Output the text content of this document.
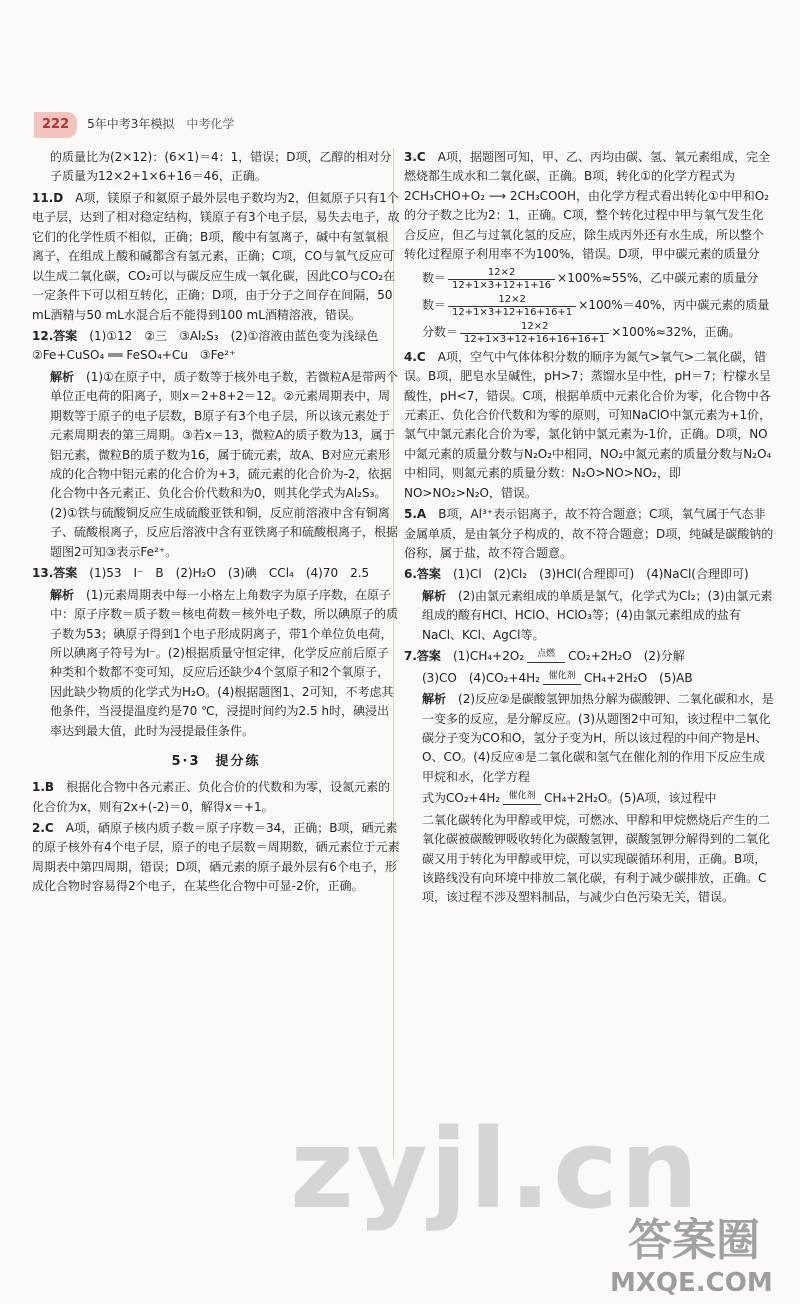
222	5年中考3年模拟 中考化学

的质量比为(2×12)：(6×1)＝4：1，错误；D项，乙醇的相对分子质量为12×2+1×6+16＝46，正确。

11.D　 A项，镁原子和氦原子最外层电子数均为2，但氦原子只有1个电子层，达到了相对稳定结构，镁原子有3个电子层，易失去电子，故它们的化学性质不相似，正确；B项，酸中有氢离子，碱中有氢氧根离子，在组成上酸和碱都含有氢元素，正确；C项，CO与氧气反应可以生成二氧化碳，CO₂可以与碳反应生成一氧化碳，因此CO与CO₂在一定条件下可以相互转化，正确；D项，由于分子之间存在间隔，50 mL酒精与50 mL水混合后不能得到100 mL酒精溶液，错误。

12.答案　 (1)①12　②三　③Al₂S₃　(2)①溶液由蓝色变为浅绿色　②Fe+CuSO₄ ══ FeSO₄+Cu　③Fe²⁺

解析　 (1)①在原子中，质子数等于核外电子数，若微粒A是带两个单位正电荷的阳离子，则x＝2+8+2＝12。②元素周期表中，周期数等于原子的电子层数，B原子有3个电子层，所以该元素处于元素周期表的第三周期。③若x＝13，微粒A的质子数为13，属于铝元素，微粒B的质子数为16，属于硫元素，故A、B对应元素形成的化合物中铝元素的化合价为+3，硫元素的化合价为-2，依据化合物中各元素正、负化合价代数和为0，则其化学式为Al₂S₃。(2)①铁与硫酸铜反应生成硫酸亚铁和铜，反应前溶液中含有铜离子、硫酸根离子，反应后溶液中含有亚铁离子和硫酸根离子，根据题图2可知③表示Fe²⁺。

13.答案　 (1)53　I⁻　B　(2)H₂O　(3)碘　CCl₄　(4)70　2.5

解析　 (1)元素周期表中每一小格左上角数字为原子序数，在原子中：原子序数＝质子数＝核电荷数＝核外电子数，所以碘原子的质子数为53；碘原子得到1个电子形成阴离子，带1个单位负电荷，所以碘离子符号为I⁻。(2)根据质量守恒定律，化学反应前后原子种类和个数都不变可知，反应后还缺少4个氢原子和2个氧原子，因此缺少物质的化学式为H₂O。(4)根据题图1、2可知，不考虑其他条件，当浸提温度约是70 ℃，浸提时间约为2.5 h时，碘浸出率达到最大值，此时为浸提最佳条件。

5·3　提分练

1.B　 根据化合物中各元素正、负化合价的代数和为零，设氮元素的化合价为x，则有2x+(-2)＝0，解得x＝+1。

2.C　 A项，硒原子核内质子数＝原子序数＝34，正确；B项，硒元素的原子核外有4个电子层，原子的电子层数＝周期数，硒元素位于元素周期表中第四周期，错误；D项，硒元素的原子最外层有6个电子，形成化合物时容易得2个电子，在某些化合物中可显-2价，正确。

3.C　 A项，据题图可知，甲、乙、丙均由碳、氢、氧元素组成，完全燃烧都生成水和二氧化碳，正确。B项，转化①的化学方程式为2CH₃CHO+O₂ ⟶ 2CH₃COOH，由化学方程式看出转化①中甲和O₂的分子数之比为2：1，正确。C项，整个转化过程中甲与氧气发生化合反应，但乙与过氧化氢的反应，除生成丙外还有水生成，所以整个转化过程原子利用率不为100%，错误。D项，甲中碳元素的质量分

数＝ $\frac{12\times 2}{12+1\times 3+12+1+16} \times 100\%\approx 55\%$，乙中碳元素的质量分
数＝ $\frac{12\times 2}{12+1\times 3+12+16+16+1} \times 100\%=40\%$，丙中碳元素的质量
分数＝ $\frac{12\times 2}{12+1\times 3+12+16+16+16+1} \times 100\%\approx 32\%$，正确。

4.C　 A项，空气中气体体积分数的顺序为氮气>氧气>二氧化碳，错误。B项，肥皂水呈碱性，pH>7；蒸馏水呈中性，pH＝7；柠檬水呈酸性，pH<7，错误。C项，根据单质中元素化合价为零，化合物中各元素正、负化合价代数和为零的原则，可知NaClO中氯元素为+1价，氯气中氯元素化合价为零，氯化钠中氯元素为-1价，正确。D项，NO中氮元素的质量分数与N₂O₂中相同，NO₂中氮元素的质量分数与N₂O₄中相同，则氮元素的质量分数：N₂O>NO>NO₂，即NO>NO₂>N₂O，错误。

5.A　 B项，Al³⁺表示铝离子，故不符合题意；C项，氧气属于气态非金属单质，是由氧分子构成的，故不符合题意；D项，纯碱是碳酸钠的俗称，属于盐，故不符合题意。

6.答案　 (1)Cl　(2)Cl₂　(3)HCl(合理即可)　(4)NaCl(合理即可)

解析　 (2)由氯元素组成的单质是氯气，化学式为Cl₂；(3)由氯元素组成的酸有HCl、HClO、HClO₃等；(4)由氯元素组成的盐有NaCl、KCl、AgCl等。

7.答案　 (1)CH₄+2O₂	点燃	CO₂+2H₂O　(2)分解

(3)CO　(4)CO₂+4H₂ 催化剂 CH₄+2H₂O　(5)AB

解析　 (2)反应②是碳酸氢钾加热分解为碳酸钾、二氧化碳和水，是一变多的反应，是分解反应。(3)从题图2中可知，该过程中二氧化碳分子变为CO和O，氢分子变为H，所以该过程的中间产物是H、O、CO。(4)反应④是二氧化碳和氢气在催化剂的作用下反应生成甲烷和水，化学方程

式为CO₂+4H₂ 催化剂 CH₄+2H₂O。(5)A项，该过程中

二氧化碳转化为甲醇或甲烷，可燃冰、甲醇和甲烷燃烧后产生的二氧化碳被碳酸钾吸收转化为碳酸氢钾，碳酸氢钾分解得到的二氧化碳又用于转化为甲醇或甲烷，可以实现碳循环利用，正确。B项，该路线没有向环境中排放二氧化碳，有利于减少碳排放，正确。C项，该过程不涉及塑料制品，与减少白色污染无关，错误。

zyjl.cn
答案圈
MXQE.COM
